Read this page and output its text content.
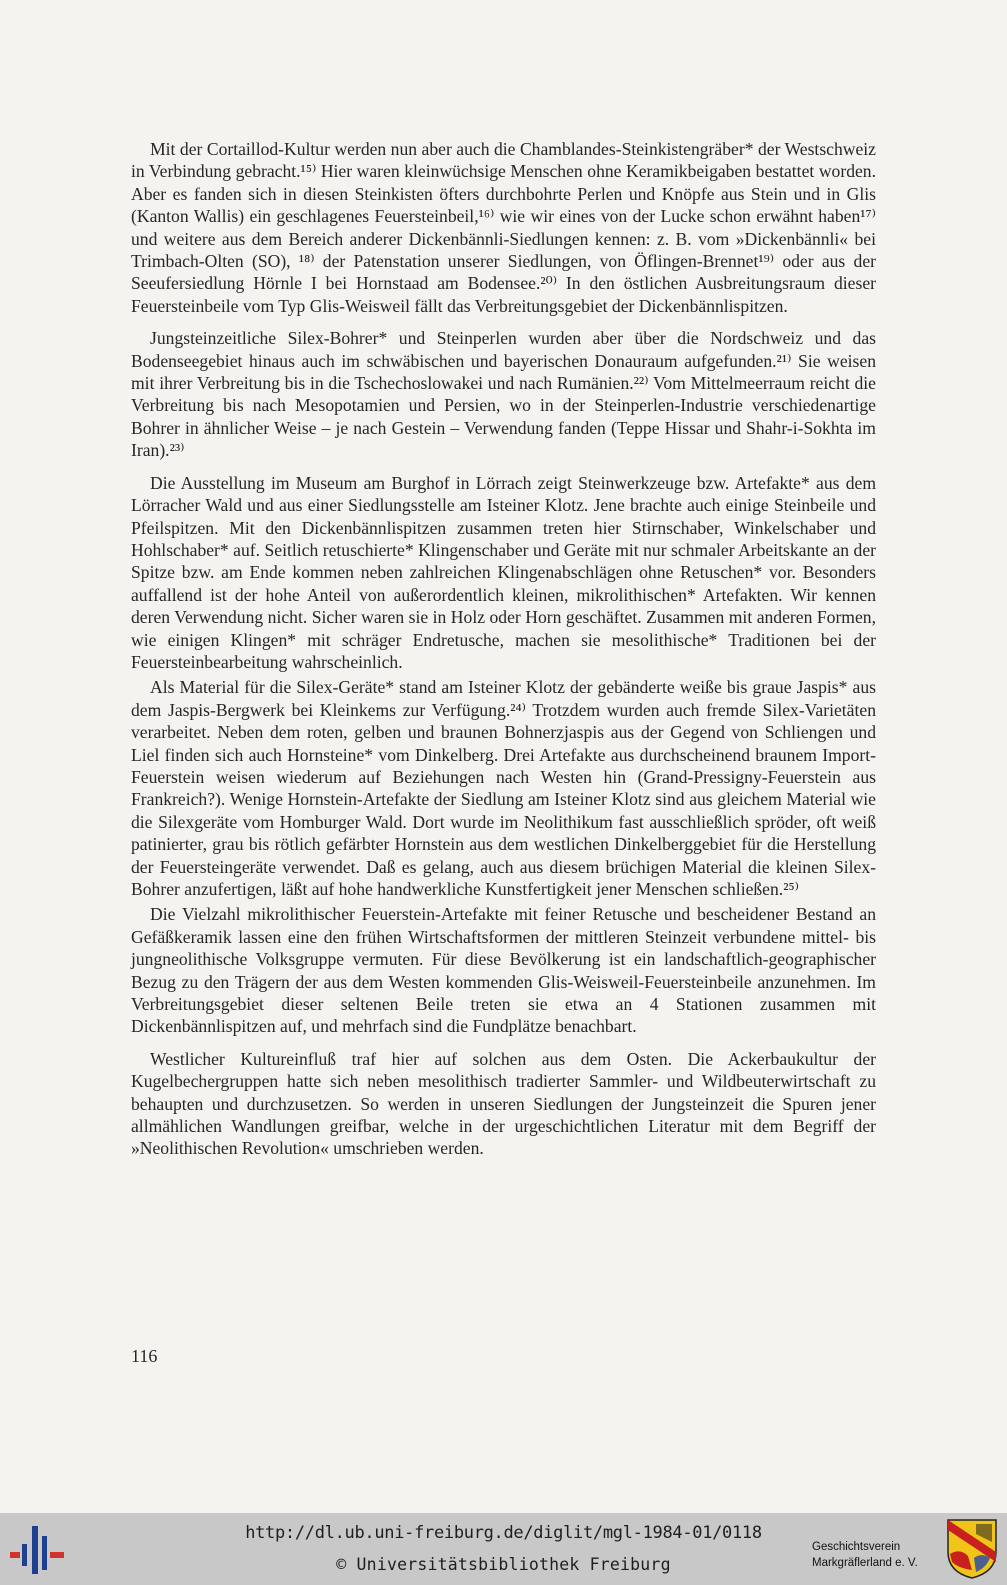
Mit der Cortaillod-Kultur werden nun aber auch die Chamblandes-Steinkistengräber* der Westschweiz in Verbindung gebracht.¹⁵⁾ Hier waren kleinwüchsige Menschen ohne Keramikbeigaben bestattet worden. Aber es fanden sich in diesen Steinkisten öfters durchbohrte Perlen und Knöpfe aus Stein und in Glis (Kanton Wallis) ein geschlagenes Feuersteinbeil,¹⁶⁾ wie wir eines von der Lucke schon erwähnt haben¹⁷⁾ und weitere aus dem Bereich anderer Dickenbännli-Siedlungen kennen: z. B. vom »Dickenbännli« bei Trimbach-Olten (SO), ¹⁸⁾ der Patenstation unserer Siedlungen, von Öflingen-Brennet¹⁹⁾ oder aus der Seeufersiedlung Hörnle I bei Hornstaad am Bodensee.²⁰⁾ In den östlichen Ausbreitungsraum dieser Feuersteinbeile vom Typ Glis-Weisweil fällt das Verbreitungsgebiet der Dickenbännlispitzen.

Jungsteinzeitliche Silex-Bohrer* und Steinperlen wurden aber über die Nordschweiz und das Bodenseegebiet hinaus auch im schwäbischen und bayerischen Donauraum aufgefunden.²¹⁾ Sie weisen mit ihrer Verbreitung bis in die Tschechoslowakei und nach Rumänien.²²⁾ Vom Mittelmeerraum reicht die Verbreitung bis nach Mesopotamien und Persien, wo in der Steinperlen-Industrie verschiedenartige Bohrer in ähnlicher Weise – je nach Gestein – Verwendung fanden (Teppe Hissar und Shahr-i-Sokhta im Iran).²³⁾

Die Ausstellung im Museum am Burghof in Lörrach zeigt Steinwerkzeuge bzw. Artefakte* aus dem Lörracher Wald und aus einer Siedlungsstelle am Isteiner Klotz. Jene brachte auch einige Steinbeile und Pfeilspitzen. Mit den Dickenbännlispitzen zusammen treten hier Stirnschaber, Winkelschaber und Hohlschaber* auf. Seitlich retuschierte* Klingenschaber und Geräte mit nur schmaler Arbeitskante an der Spitze bzw. am Ende kommen neben zahlreichen Klingenabschlägen ohne Retuschen* vor. Besonders auffallend ist der hohe Anteil von außerordentlich kleinen, mikrolithischen* Artefakten. Wir kennen deren Verwendung nicht. Sicher waren sie in Holz oder Horn geschäftet. Zusammen mit anderen Formen, wie einigen Klingen* mit schräger Endretusche, machen sie mesolithische* Traditionen bei der Feuersteinbearbeitung wahrscheinlich.

Als Material für die Silex-Geräte* stand am Isteiner Klotz der gebänderte weiße bis graue Jaspis* aus dem Jaspis-Bergwerk bei Kleinkems zur Verfügung.²⁴⁾ Trotzdem wurden auch fremde Silex-Varietäten verarbeitet. Neben dem roten, gelben und braunen Bohnerzjaspis aus der Gegend von Schliengen und Liel finden sich auch Hornsteine* vom Dinkelberg. Drei Artefakte aus durchscheinend braunem Import-Feuerstein weisen wiederum auf Beziehungen nach Westen hin (Grand-Pressigny-Feuerstein aus Frankreich?). Wenige Hornstein-Artefakte der Siedlung am Isteiner Klotz sind aus gleichem Material wie die Silexgeräte vom Homburger Wald. Dort wurde im Neolithikum fast ausschließlich spröder, oft weiß patinierter, grau bis rötlich gefärbter Hornstein aus dem westlichen Dinkelberggebiet für die Herstellung der Feuersteingeräte verwendet. Daß es gelang, auch aus diesem brüchigen Material die kleinen Silex-Bohrer anzufertigen, läßt auf hohe handwerkliche Kunstfertigkeit jener Menschen schließen.²⁵⁾

Die Vielzahl mikrolithischer Feuerstein-Artefakte mit feiner Retusche und bescheidener Bestand an Gefäßkeramik lassen eine den frühen Wirtschaftsformen der mittleren Steinzeit verbundene mittel- bis jungneolithische Volksgruppe vermuten. Für diese Bevölkerung ist ein landschaftlich-geographischer Bezug zu den Trägern der aus dem Westen kommenden Glis-Weisweil-Feuersteinbeile anzunehmen. Im Verbreitungsgebiet dieser seltenen Beile treten sie etwa an 4 Stationen zusammen mit Dickenbännlispitzen auf, und mehrfach sind die Fundplätze benachbart.

Westlicher Kultureinfluß traf hier auf solchen aus dem Osten. Die Ackerbaukultur der Kugelbechergruppen hatte sich neben mesolithisch tradierter Sammler- und Wildbeuterwirtschaft zu behaupten und durchzusetzen. So werden in unseren Siedlungen der Jungsteinzeit die Spuren jener allmählichen Wandlungen greifbar, welche in der urgeschichtlichen Literatur mit dem Begriff der »Neolithischen Revolution« umschrieben werden.

116
http://dl.ub.uni-freiburg.de/diglit/mgl-1984-01/0118
© Universitätsbibliothek Freiburg
Geschichtsverein
Markgräflerland e. V.
